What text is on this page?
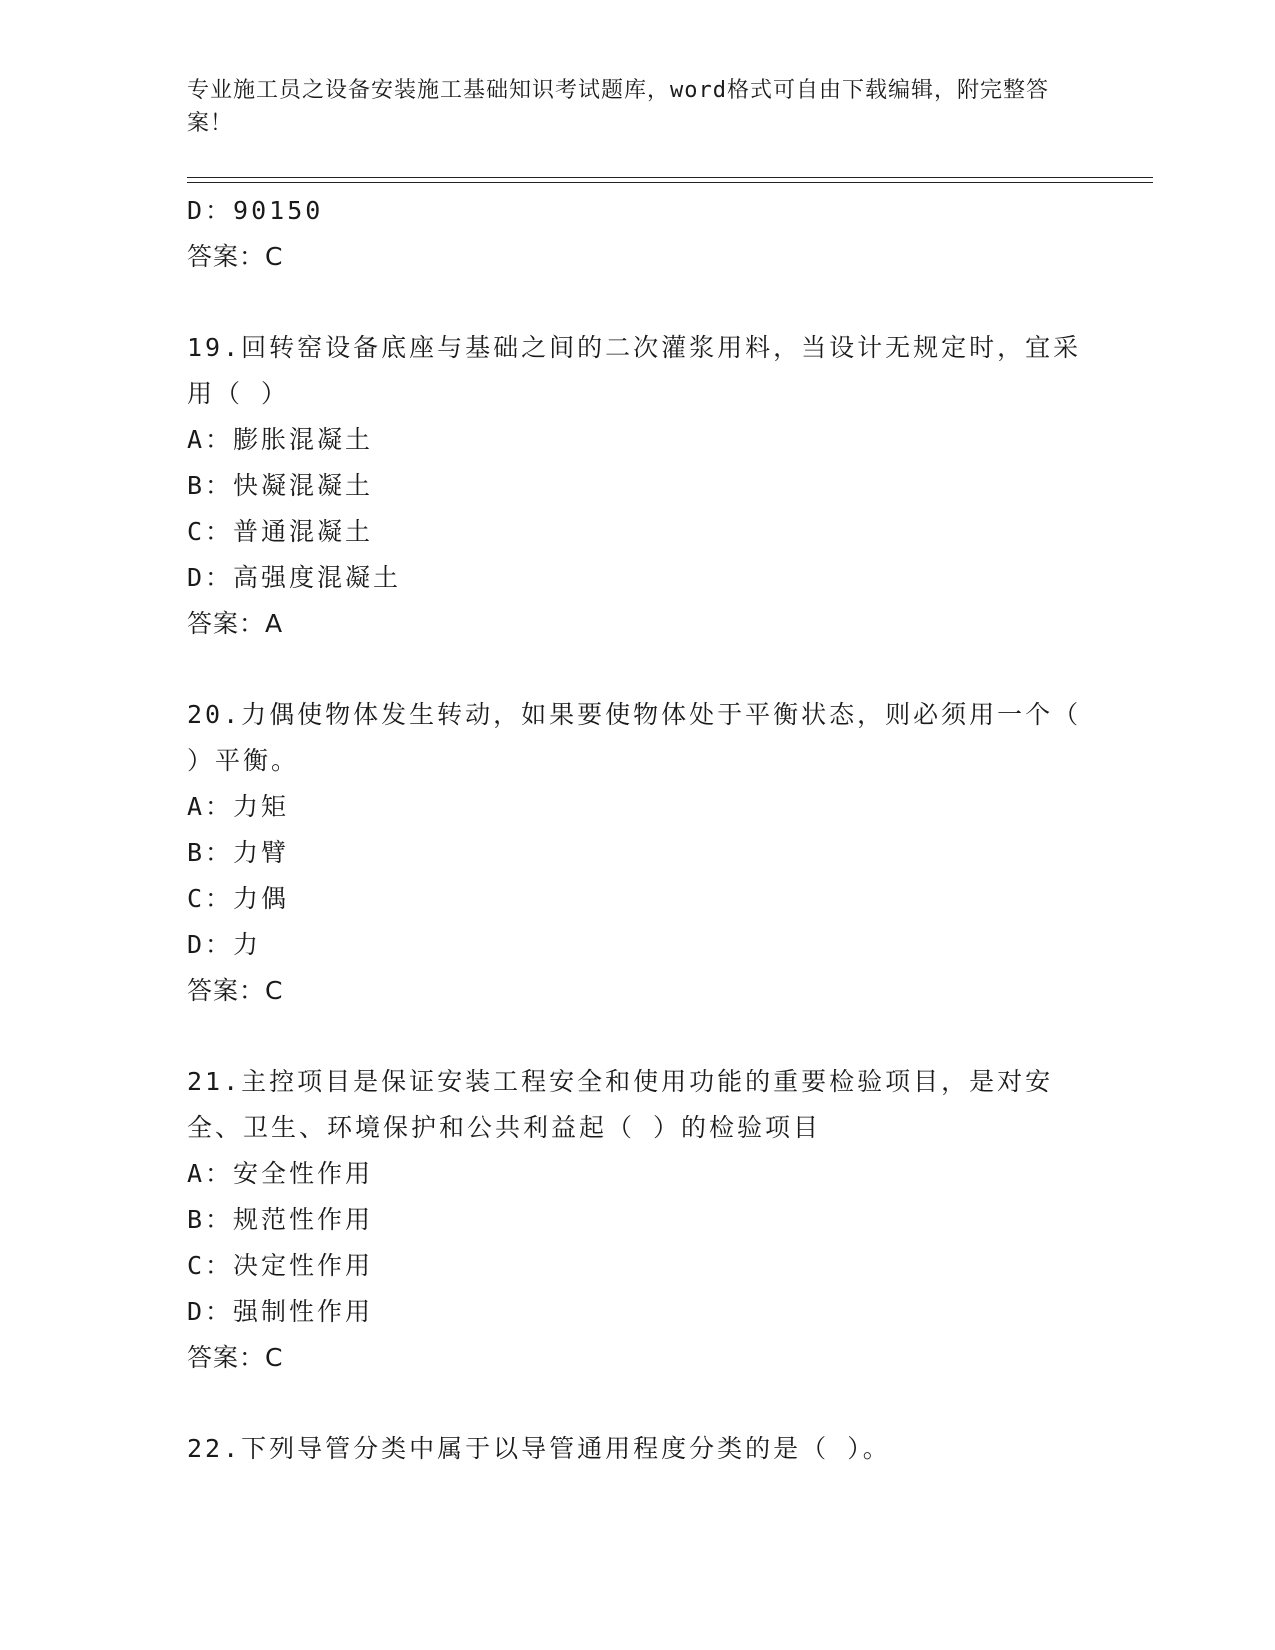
专业施工员之设备安装施工基础知识考试题库，word格式可自由下载编辑，附完整答案！
D：90150
答案：C
19.回转窑设备底座与基础之间的二次灌浆用料，当设计无规定时，宜采用（ ）
A：膨胀混凝土
B：快凝混凝土
C：普通混凝土
D：高强度混凝土
答案：A
20.力偶使物体发生转动，如果要使物体处于平衡状态，则必须用一个（ ）平衡。
A：力矩
B：力臂
C：力偶
D：力
答案：C
21.主控项目是保证安装工程安全和使用功能的重要检验项目，是对安全、卫生、环境保护和公共利益起（ ）的检验项目
A：安全性作用
B：规范性作用
C：决定性作用
D：强制性作用
答案：C
22.下列导管分类中属于以导管通用程度分类的是（ ）。
